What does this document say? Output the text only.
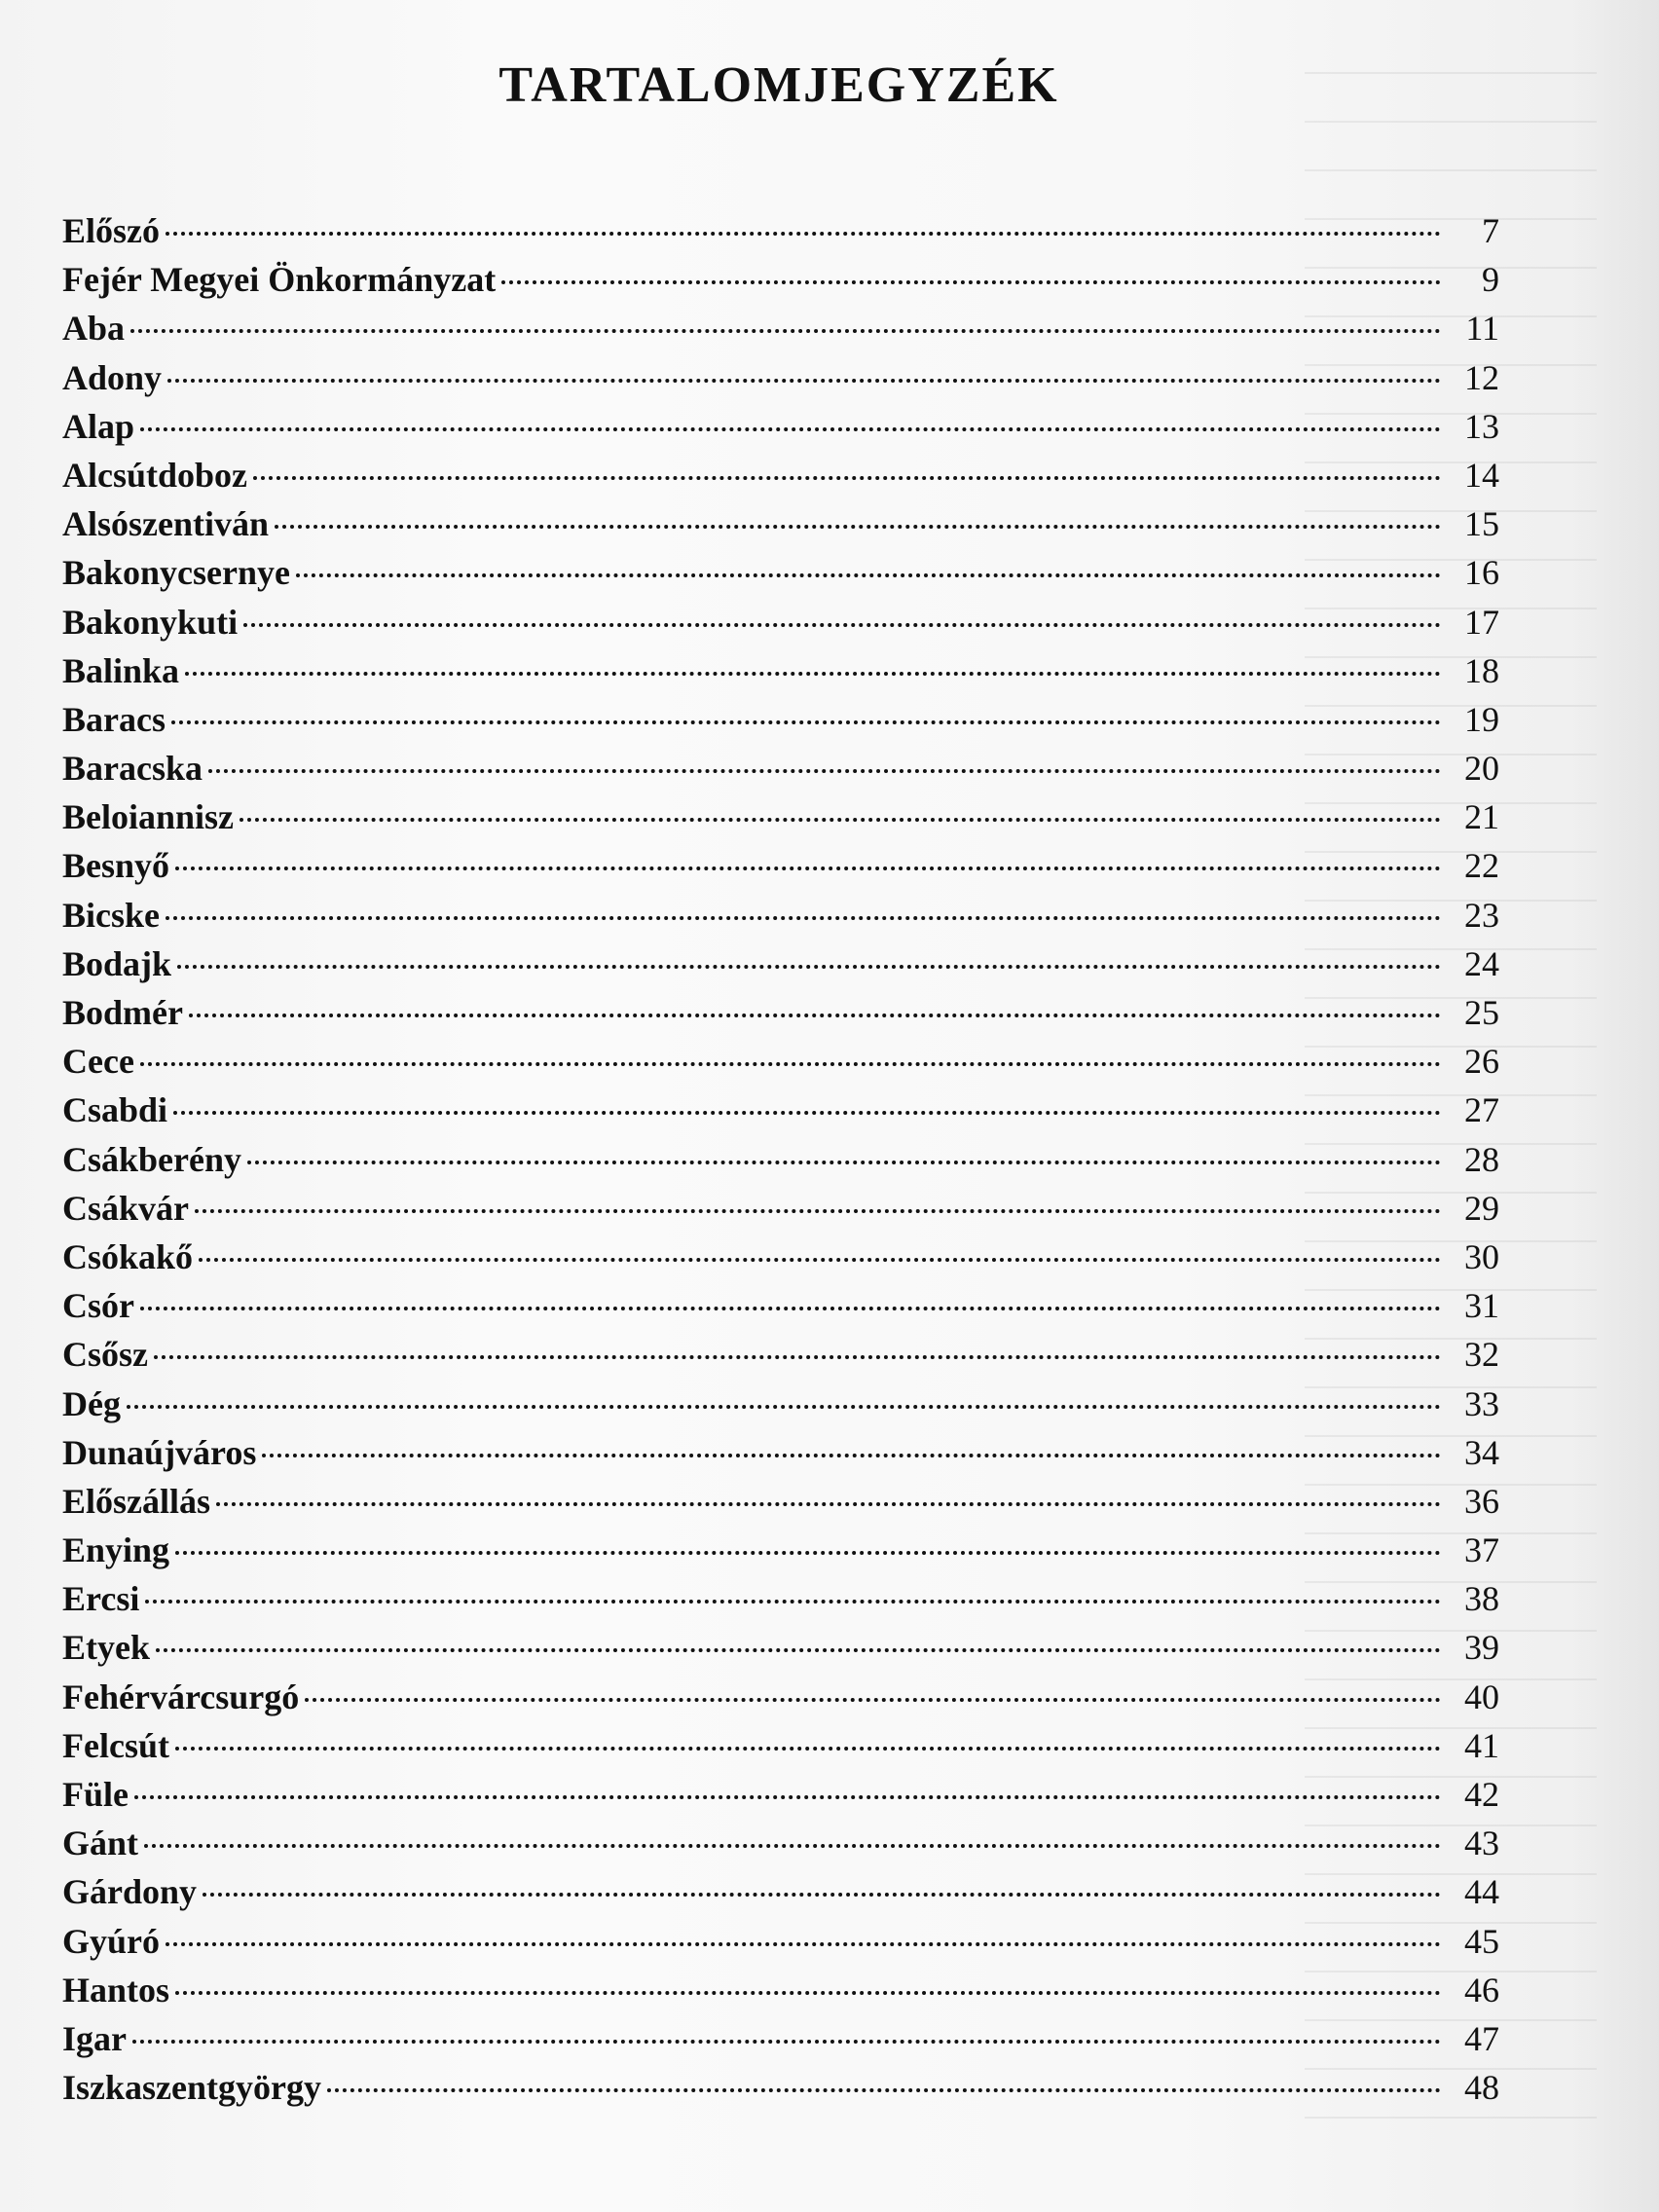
TARTALOMJEGYZÉK
Előszó	7
Fejér Megyei Önkormányzat	9
Aba	11
Adony	12
Alap	13
Alcsútdoboz	14
Alsószentiván	15
Bakonycsernye	16
Bakonykuti	17
Balinka	18
Baracs	19
Baracska	20
Beloiannisz	21
Besnyő	22
Bicske	23
Bodajk	24
Bodmér	25
Cece	26
Csabdi	27
Csákberény	28
Csákvár	29
Csókakő	30
Csór	31
Csősz	32
Dég	33
Dunaújváros	34
Előszállás	36
Enying	37
Ercsi	38
Etyek	39
Fehérvárcsurgó	40
Felcsút	41
Füle	42
Gánt	43
Gárdony	44
Gyúró	45
Hantos	46
Igar	47
Iszkaszentgyörgy	48
